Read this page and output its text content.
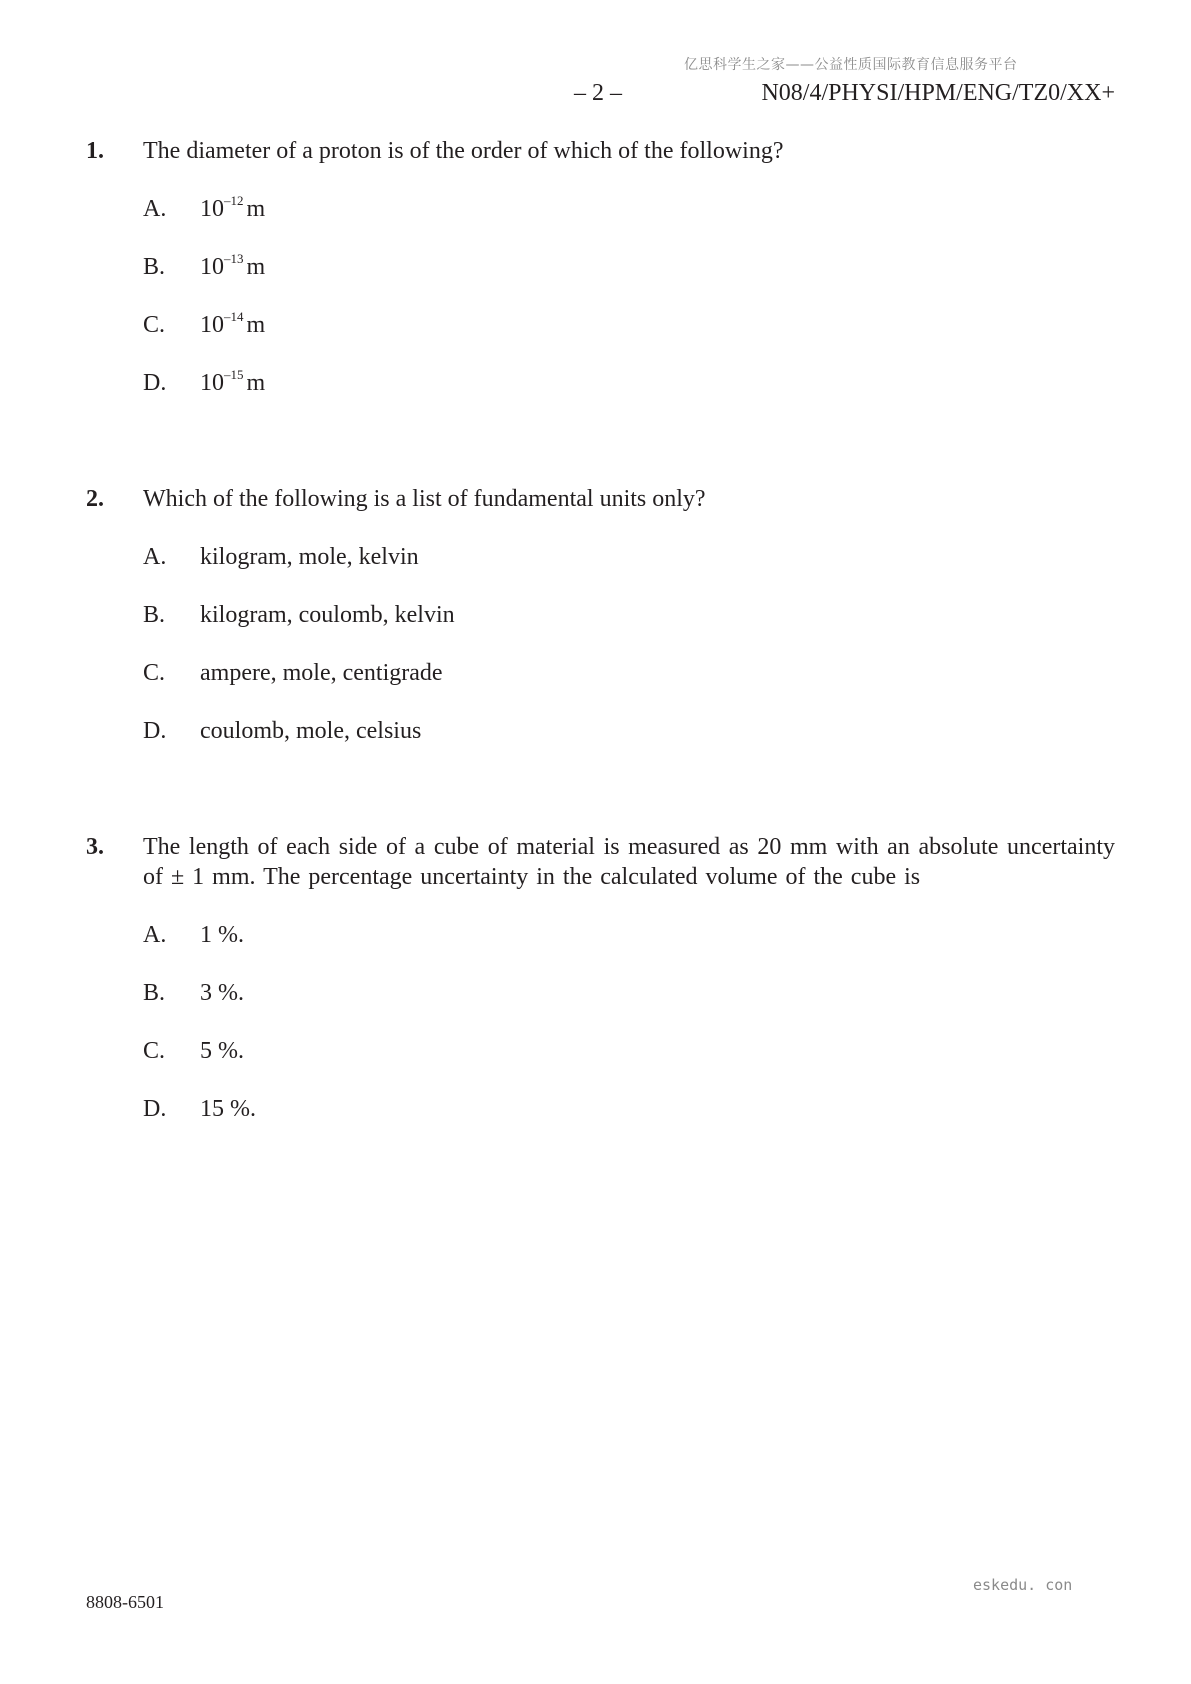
亿思科学生之家——公益性质国际教育信息服务平台
– 2 –	N08/4/PHYSI/HPM/ENG/TZ0/XX+
1. The diameter of a proton is of the order of which of the following?
A. $10^{-12}$ m
B. $10^{-13}$ m
C. $10^{-14}$ m
D. $10^{-15}$ m
2. Which of the following is a list of fundamental units only?
A. kilogram, mole, kelvin
B. kilogram, coulomb, kelvin
C. ampere, mole, centigrade
D. coulomb, mole, celsius
3. The length of each side of a cube of material is measured as 20 mm with an absolute uncertainty of ± 1 mm. The percentage uncertainty in the calculated volume of the cube is
A. 1 %.
B. 3 %.
C. 5 %.
D. 15 %.
eskedu. con
8808-6501
